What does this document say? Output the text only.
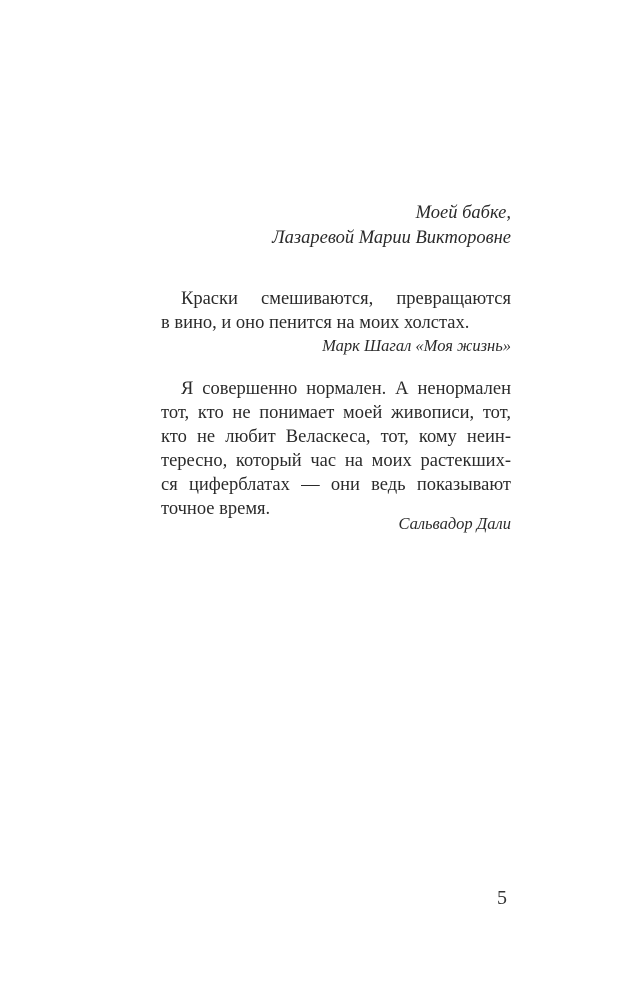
Моей бабке,
Лазаревой Марии Викторовне
Краски смешиваются, превращаются
в вино, и оно пенится на моих холстах.
Марк Шагал «Моя жизнь»
Я совершенно нормален. А ненормален
тот, кто не понимает моей живописи, тот,
кто не любит Веласкеса, тот, кому неин-
тересно, который час на моих растекших-
ся циферблатах — они ведь показывают
точное время.
Сальвадор Дали
5
